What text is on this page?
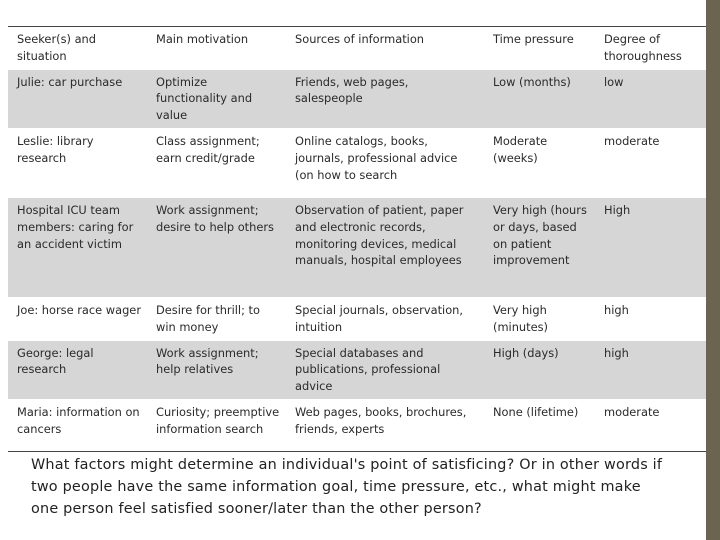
Seeker(s) and situation	Main motivation	Sources of information	Time pressure	Degree of thoroughness
Julie: car purchase	Optimize functionality and value	Friends, web pages, salespeople	Low (months)	low
Leslie: library research	Class assignment; earn credit/grade	Online catalogs, books, journals, professional advice (on how to search	Moderate (weeks)	moderate
Hospital ICU team members: caring for an accident victim	Work assignment; desire to help others	Observation of patient, paper and electronic records, monitoring devices, medical manuals, hospital employees	Very high (hours or days, based on patient improvement	High
Joe: horse race wager	Desire for thrill; to win money	Special journals, observation, intuition	Very high (minutes)	high
George: legal research	Work assignment; help relatives	Special databases and publications, professional advice	High (days)	high
Maria: information on cancers	Curiosity; preemptive information search	Web pages, books, brochures, friends, experts	None (lifetime)	moderate
What factors might determine an individual's point of satisficing? Or in other words if two people have the same information goal, time pressure, etc., what might make one person feel satisfied sooner/later than the other person?
